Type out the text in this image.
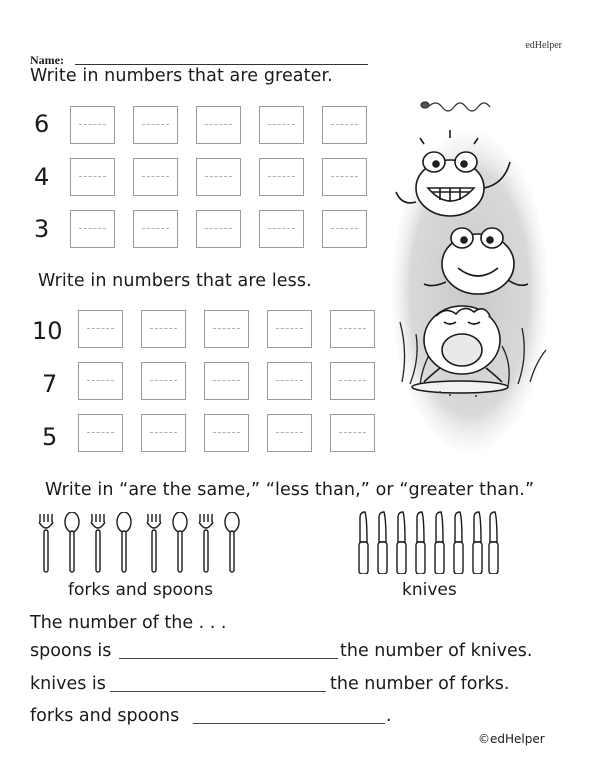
edHelper
Name:
Write in numbers that are greater.
6
4
3
Write in numbers that are less.
10
7
5
Write in “are the same,” “less than,” or “greater than.”
forks and spoons	knives
The number of the . . .
spoons is	the number of knives.
knives is	the number of forks.
forks and spoons	.
©edHelper
